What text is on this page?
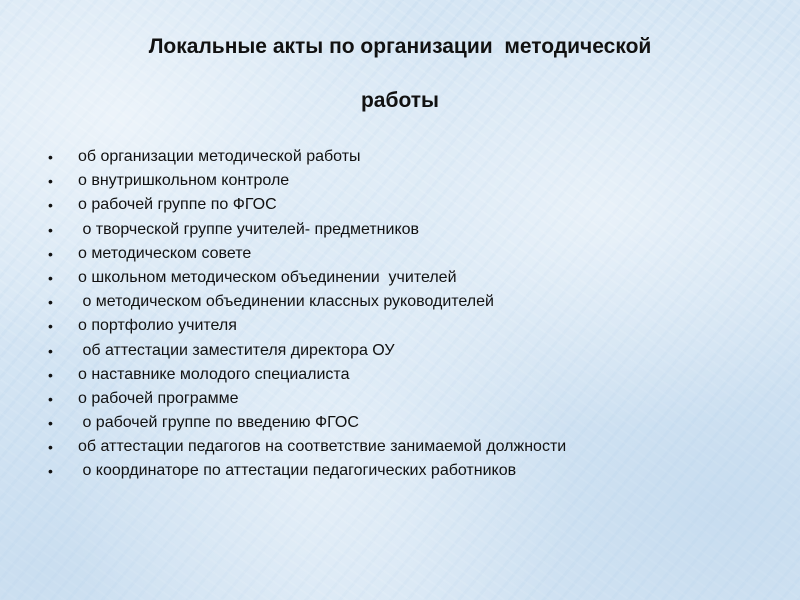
Локальные акты по организации  методической
работы
• об организации методической работы
• о внутришкольном контроле
• о рабочей группе по ФГОС
• о творческой группе учителей- предметников
• о методическом совете
• о школьном методическом объединении  учителей
• о методическом объединении классных руководителей
• о портфолио учителя
• об аттестации заместителя директора ОУ
• о наставнике молодого специалиста
• о рабочей программе
• о рабочей группе по введению ФГОС
• об аттестации педагогов на соответствие занимаемой должности
• о координаторе по аттестации педагогических работников
